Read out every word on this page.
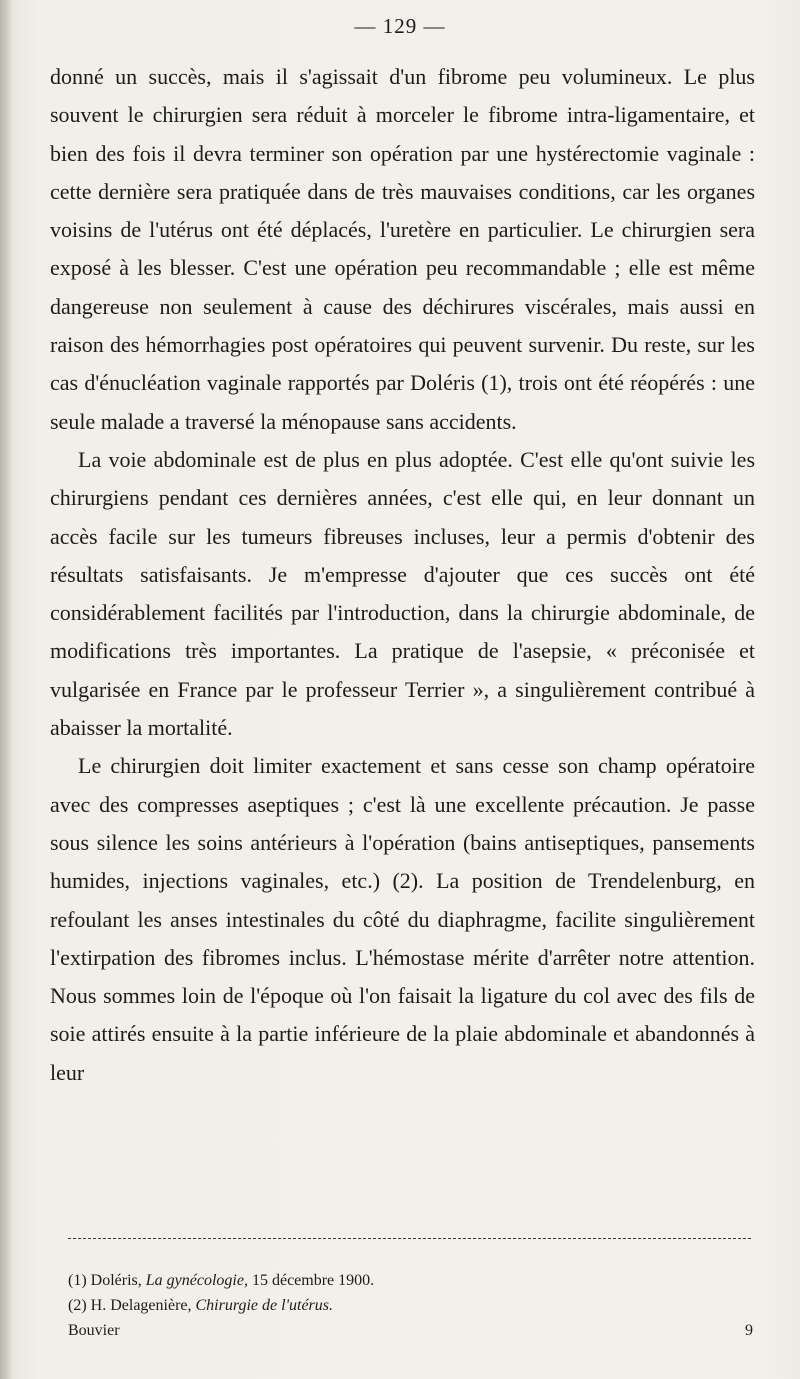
— 129 —

donné un succès, mais il s'agissait d'un fibrome peu volumineux. Le plus souvent le chirurgien sera réduit à morceler le fibrome intra-ligamentaire, et bien des fois il devra terminer son opération par une hystérectomie vaginale : cette dernière sera pratiquée dans de très mauvaises conditions, car les organes voisins de l'utérus ont été déplacés, l'uretère en particulier. Le chirurgien sera exposé à les blesser. C'est une opération peu recommandable ; elle est même dangereuse non seulement à cause des déchirures viscérales, mais aussi en raison des hémorrhagies post opératoires qui peuvent survenir. Du reste, sur les cas d'énucléation vaginale rapportés par Doléris (1), trois ont été réopérés : une seule malade a traversé la ménopause sans accidents.

La voie abdominale est de plus en plus adoptée. C'est elle qu'ont suivie les chirurgiens pendant ces dernières années, c'est elle qui, en leur donnant un accès facile sur les tumeurs fibreuses incluses, leur a permis d'obtenir des résultats satisfaisants. Je m'empresse d'ajouter que ces succès ont été considérablement facilités par l'introduction, dans la chirurgie abdominale, de modifications très importantes. La pratique de l'asepsie, « préconisée et vulgarisée en France par le professeur Terrier », a singulièrement contribué à abaisser la mortalité.

Le chirurgien doit limiter exactement et sans cesse son champ opératoire avec des compresses aseptiques ; c'est là une excellente précaution. Je passe sous silence les soins antérieurs à l'opération (bains antiseptiques, pansements humides, injections vaginales, etc.) (2). La position de Trendelenburg, en refoulant les anses intestinales du côté du diaphragme, facilite singulièrement l'extirpation des fibromes inclus. L'hémostase mérite d'arrêter notre attention. Nous sommes loin de l'époque où l'on faisait la ligature du col avec des fils de soie attirés ensuite à la partie inférieure de la plaie abdominale et abandonnés à leur

(1) Doléris, La gynécologie, 15 décembre 1900.

(2) H. Delagenière, Chirurgie de l'utérus.

Bouvier	9
